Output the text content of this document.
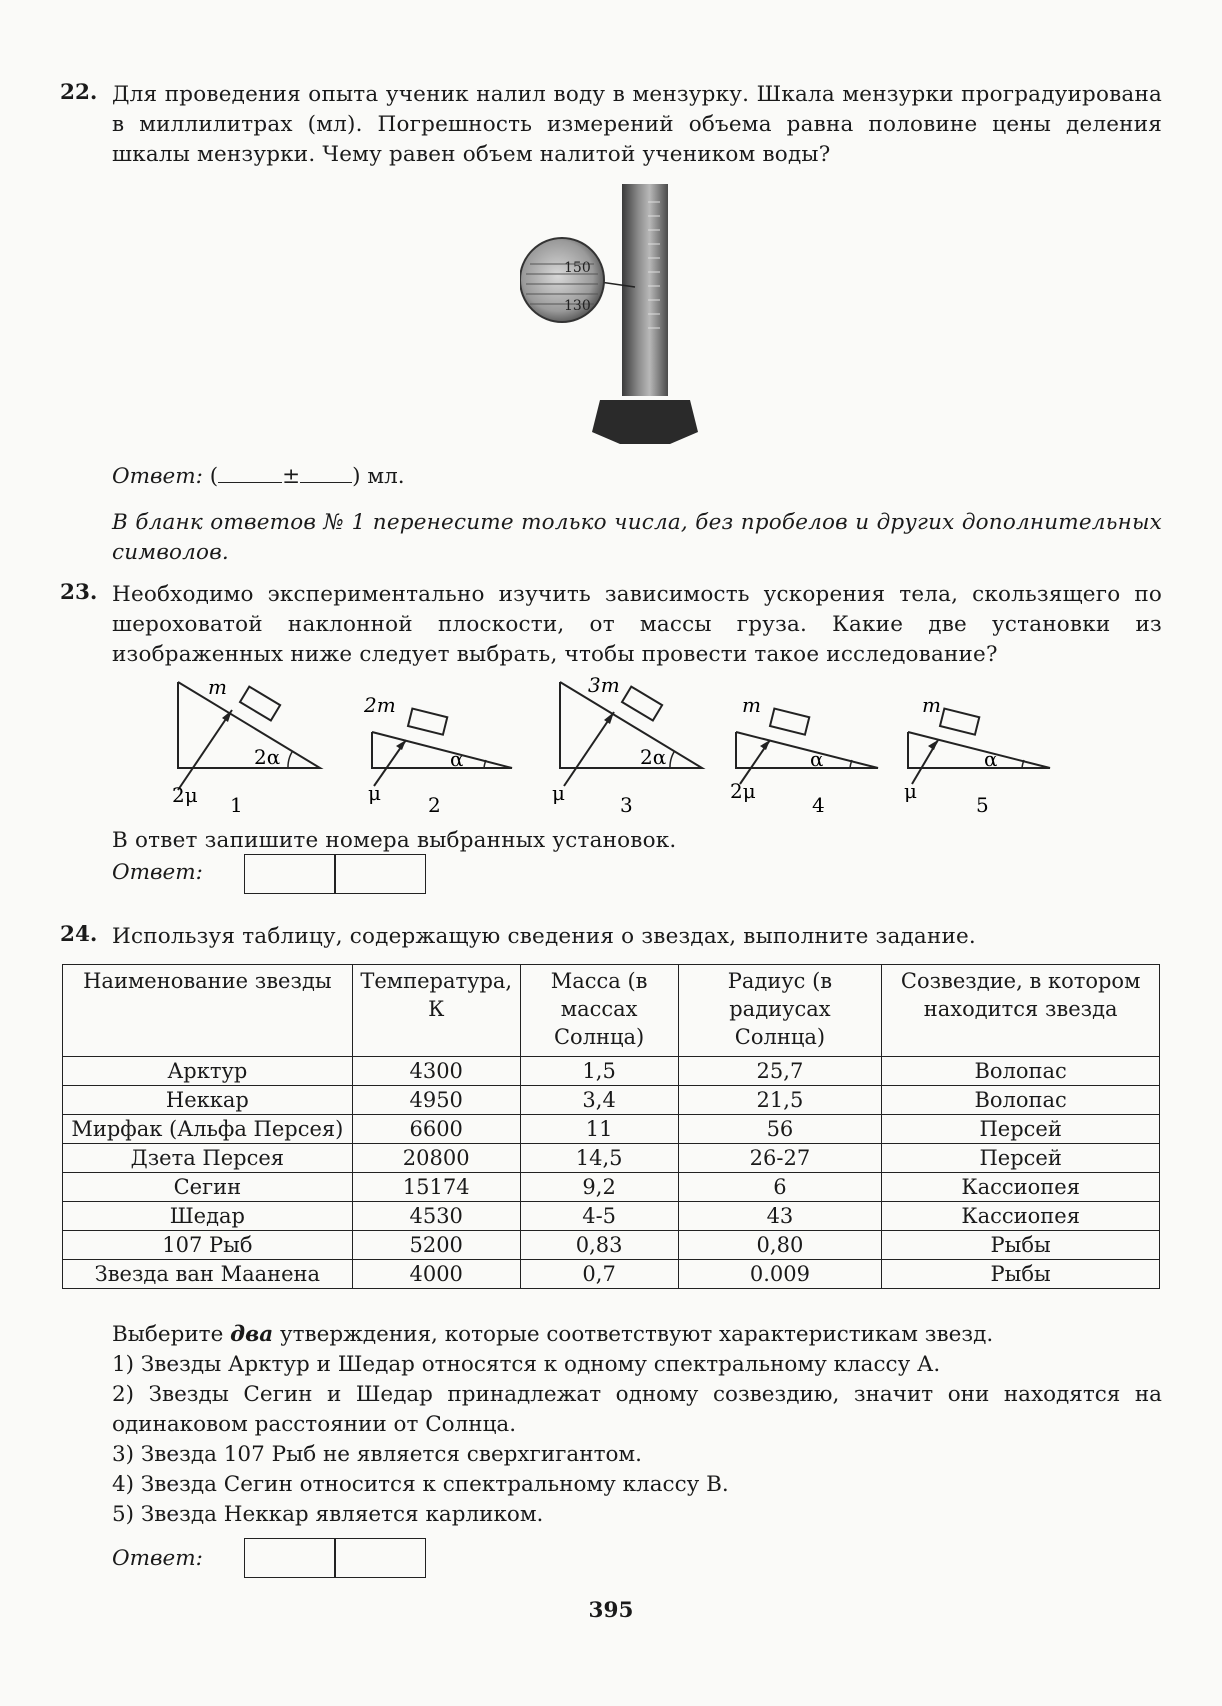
22. Для проведения опыта ученик налил воду в мензурку. Шкала мензурки проградуирована в миллилитрах (мл). Погрешность измерений объема равна половине цены деления шкалы мензурки. Чему равен объем налитой учеником воды?

150
130
Ответ: (	± ) мл.
В бланк ответов № 1 перенесите только числа, без пробелов и других дополнительных символов.
23. Необходимо экспериментально изучить зависимость ускорения тела, скользящего по шероховатой наклонной плоскости, от массы груза. Какие две установки из изображенных ниже следует выбрать, чтобы провести такое исследование?
m
2α
2μ 1
2m
α
μ 2
3m
2α
μ	3
m
α
2μ
4
m
α
μ
5
В ответ запишите номера выбранных установок.
Ответ:
24. Используя таблицу, содержащую сведения о звездах, выполните задание.
Наименование звезды	Температура, К	Масса (в массах Солнца)	Радиус (в радиусах Солнца)	Созвездие, в котором находится звезда
Арктур	4300	1,5	25,7	Волопас
Неккар	4950	3,4	21,5	Волопас
Мирфак (Альфа Персея)	6600	11	56	Персей
Дзета Персея	20800	14,5	26-27	Персей
Сегин	15174	9,2	6	Кассиопея
Шедар	4530	4-5	43	Кассиопея
107 Рыб	5200	0,83	0,80	Рыбы
Звезда ван Маанена	4000	0,7	0.009	Рыбы
Выберите два утверждения, которые соответствуют характеристикам звезд.
1) Звезды Арктур и Шедар относятся к одному спектральному классу А.
2) Звезды Сегин и Шедар принадлежат одному созвездию, значит они находятся на одинаковом расстоянии от Солнца.
3) Звезда 107 Рыб не является сверхгигантом.
4) Звезда Сегин относится к спектральному классу В.
5) Звезда Неккар является карликом.
Ответ:
395
